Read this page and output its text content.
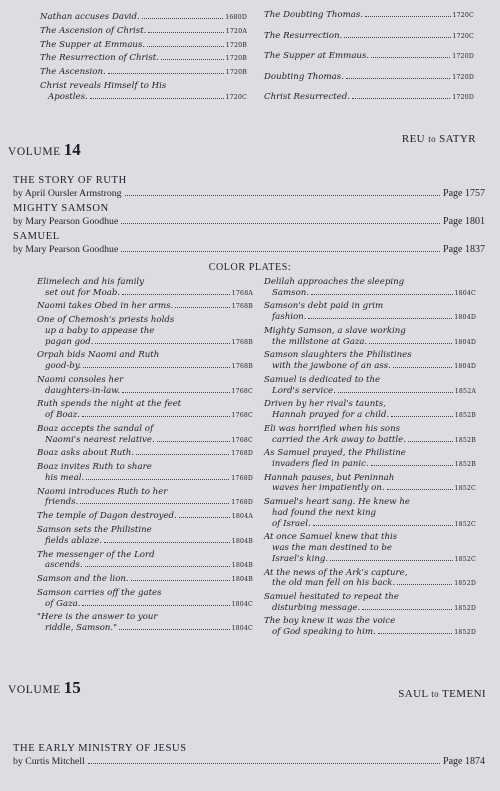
Nathan accuses David.	1680D
The Ascension of Christ.	1720A
The Supper at Emmaus.	1720B
The Resurrection of Christ.	1720B
The Ascension.	1720B
Christ reveals Himself to His
Apostles.	1720C
The Doubting Thomas.	1720C
The Resurrection.	1720C
The Supper at Emmaus.	1720D
Doubting Thomas.	1720D
Christ Resurrected.	1720D
VOLUME 14
REU to SATYR
THE STORY OF RUTH
by April Oursler Armstrong	Page 1757
MIGHTY SAMSON
by Mary Pearson Goodhue	Page 1801
SAMUEL
by Mary Pearson Goodhue	Page 1837
COLOR PLATES:
Elimelech and his family
set out for Moab.	1768A
Naomi takes Obed in her arms.	1768B
One of Chemosh's priests holds
up a baby to appease the
pagan god.	1768B
Orpah bids Naomi and Ruth
good-by.	1768B
Naomi consoles her
daughters-in-law.	1768C
Ruth spends the night at the feet
of Boaz.	1768C
Boaz accepts the sandal of
Naomi's nearest relative.	1768C
Boaz asks about Ruth.	1768D
Boaz invites Ruth to share
his meal.	1768D
Naomi introduces Ruth to her
friends.	1768D
The temple of Dagon destroyed.	1804A
Samson sets the Philistine
fields ablaze.	1804B
The messenger of the Lord
ascends.	1804B
Samson and the lion.	1804B
Samson carries off the gates
of Gaza.	1804C
"Here is the answer to your
riddle, Samson."	1804C
Delilah approaches the sleeping
Samson.	1804C
Samson's debt paid in grim
fashion.	1804D
Mighty Samson, a slave working
the millstone at Gaza.	1804D
Samson slaughters the Philistines
with the jawbone of an ass.	1804D
Samuel is dedicated to the
Lord's service.	1852A
Driven by her rival's taunts,
Hannah prayed for a child.	1852B
Eli was horrified when his sons
carried the Ark away to battle.	1852B
As Samuel prayed, the Philistine
invaders fled in panic.	1852B
Hannah pauses, but Peninnah
waves her impatiently on.	1852C
Samuel's heart sang. He knew he
had found the next king
of Israel.	1852C
At once Samuel knew that this
was the man destined to be
Israel's king.	1852C
At the news of the Ark's capture,
the old man fell on his back.	1852D
Samuel hesitated to repeat the
disturbing message.	1852D
The boy knew it was the voice
of God speaking to him.	1852D
VOLUME 15	SAUL to TEMENI
THE EARLY MINISTRY OF JESUS
by Curtis Mitchell	Page 1874
